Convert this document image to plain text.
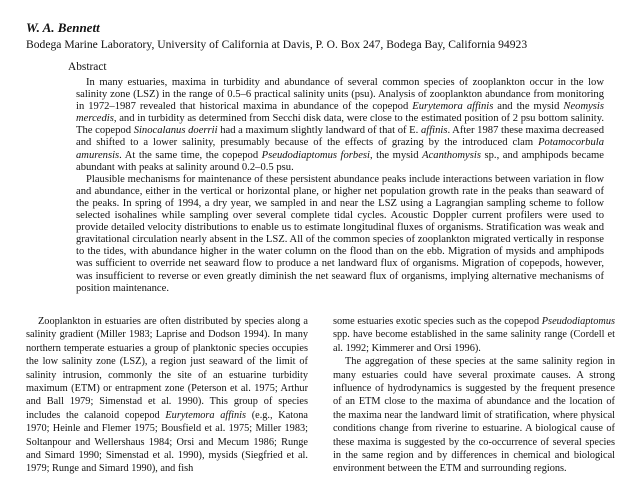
W. A. Bennett
Bodega Marine Laboratory, University of California at Davis, P. O. Box 247, Bodega Bay, California 94923
Abstract

In many estuaries, maxima in turbidity and abundance of several common species of zooplankton occur in the low salinity zone (LSZ) in the range of 0.5–6 practical salinity units (psu). Analysis of zooplankton abundance from monitoring in 1972–1987 revealed that historical maxima in abundance of the copepod Eurytemora affinis and the mysid Neomysis mercedis, and in turbidity as determined from Secchi disk data, were close to the estimated position of 2 psu bottom salinity. The copepod Sinocalanus doerrii had a maximum slightly landward of that of E. affinis. After 1987 these maxima decreased and shifted to a lower salinity, presumably because of the effects of grazing by the introduced clam Potamocorbula amurensis. At the same time, the copepod Pseudodiaptomus forbesi, the mysid Acanthomysis sp., and amphipods became abundant with peaks at salinity around 0.2–0.5 psu.

Plausible mechanisms for maintenance of these persistent abundance peaks include interactions between variation in flow and abundance, either in the vertical or horizontal plane, or higher net population growth rate in the peaks than seaward of the peaks. In spring of 1994, a dry year, we sampled in and near the LSZ using a Lagrangian sampling scheme to follow selected isohalines while sampling over several complete tidal cycles. Acoustic Doppler current profilers were used to provide detailed velocity distributions to enable us to estimate longitudinal fluxes of organisms. Stratification was weak and gravitational circulation nearly absent in the LSZ. All of the common species of zooplankton migrated vertically in response to the tides, with abundance higher in the water column on the flood than on the ebb. Migration of mysids and amphipods was sufficient to override net seaward flow to produce a net landward flux of organisms. Migration of copepods, however, was insufficient to reverse or even greatly diminish the net seaward flux of organisms, implying alternative mechanisms of position maintenance.

Zooplankton in estuaries are often distributed by species along a salinity gradient (Miller 1983; Laprise and Dodson 1994). In many northern temperate estuaries a group of planktonic species occupies the low salinity zone (LSZ), a region just seaward of the limit of salinity intrusion, commonly the site of an estuarine turbidity maximum (ETM) or entrapment zone (Peterson et al. 1975; Arthur and Ball 1979; Simenstad et al. 1990). This group of species includes the calanoid copepod Eurytemora affinis (e.g., Katona 1970; Heinle and Flemer 1975; Bousfield et al. 1975; Miller 1983; Soltanpour and Wellershaus 1984; Orsi and Mecum 1986; Runge and Simard 1990; Simenstad et al. 1990), mysids (Siegfried et al. 1979; Runge and Simard 1990), and fish

some estuaries exotic species such as the copepod Pseudodiaptomus spp. have become established in the same salinity range (Cordell et al. 1992; Kimmerer and Orsi 1996).

The aggregation of these species at the same salinity region in many estuaries could have several proximate causes. A strong influence of hydrodynamics is suggested by the frequent presence of an ETM close to the maxima of abundance and the location of the maxima near the landward limit of stratification, where physical conditions change from riverine to estuarine. A biological cause of these maxima is suggested by the co-occurrence of several species in the same region and by differences in chemical and biological environment between the ETM and surrounding regions.
